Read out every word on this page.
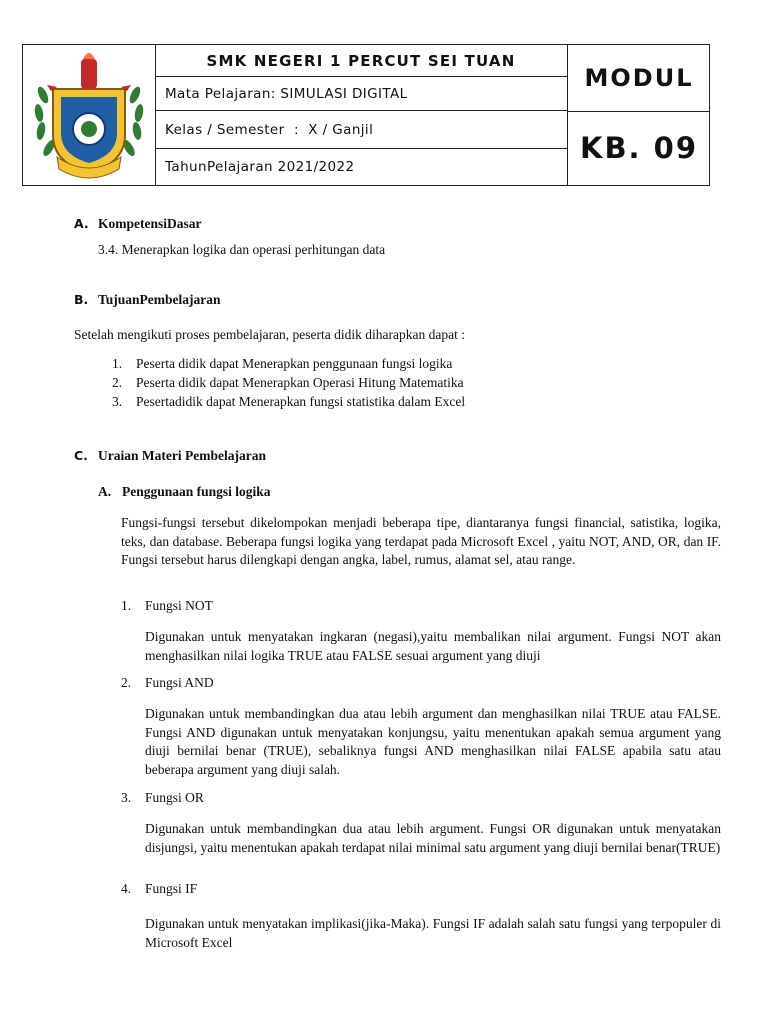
SMK NEGERI 1 PERCUT SEI TUAN
Mata Pelajaran: SIMULASI DIGITAL
Kelas / Semester  :  X / Ganjil
TahunPelajaran 2021/2022
MODUL
KB. 09
A. KompetensiDasar
3.4. Menerapkan logika dan operasi perhitungan data
B. TujuanPembelajaran
Setelah mengikuti proses pembelajaran, peserta didik diharapkan dapat :
1. Peserta didik dapat Menerapkan penggunaan fungsi logika
2. Peserta didik dapat Menerapkan Operasi Hitung Matematika
3. Pesertadidik dapat Menerapkan fungsi statistika dalam Excel
C. Uraian Materi Pembelajaran
A. Penggunaan fungsi logika
Fungsi-fungsi tersebut dikelompokan menjadi beberapa tipe, diantaranya fungsi financial, satistika, logika, teks, dan database. Beberapa fungsi logika yang terdapat pada Microsoft Excel , yaitu NOT, AND, OR, dan IF. Fungsi tersebut harus dilengkapi dengan angka, label, rumus, alamat sel, atau range.
1. Fungsi NOT
Digunakan untuk menyatakan ingkaran (negasi),yaitu membalikan nilai argument. Fungsi NOT akan menghasilkan nilai logika TRUE atau FALSE sesuai argument yang diuji
2. Fungsi AND
Digunakan untuk membandingkan dua atau lebih argument dan menghasilkan nilai TRUE atau FALSE. Fungsi AND digunakan untuk menyatakan konjungsu, yaitu menentukan apakah semua argument yang diuji bernilai benar (TRUE), sebaliknya fungsi AND menghasilkan nilai FALSE apabila satu atau beberapa argument yang diuji salah.
3. Fungsi OR
Digunakan untuk membandingkan dua atau lebih argument. Fungsi OR digunakan untuk menyatakan disjungsi, yaitu menentukan apakah terdapat nilai minimal satu argument yang diuji bernilai benar(TRUE)
4. Fungsi IF
Digunakan untuk menyatakan implikasi(jika-Maka). Fungsi IF adalah salah satu fungsi yang terpopuler di Microsoft Excel
